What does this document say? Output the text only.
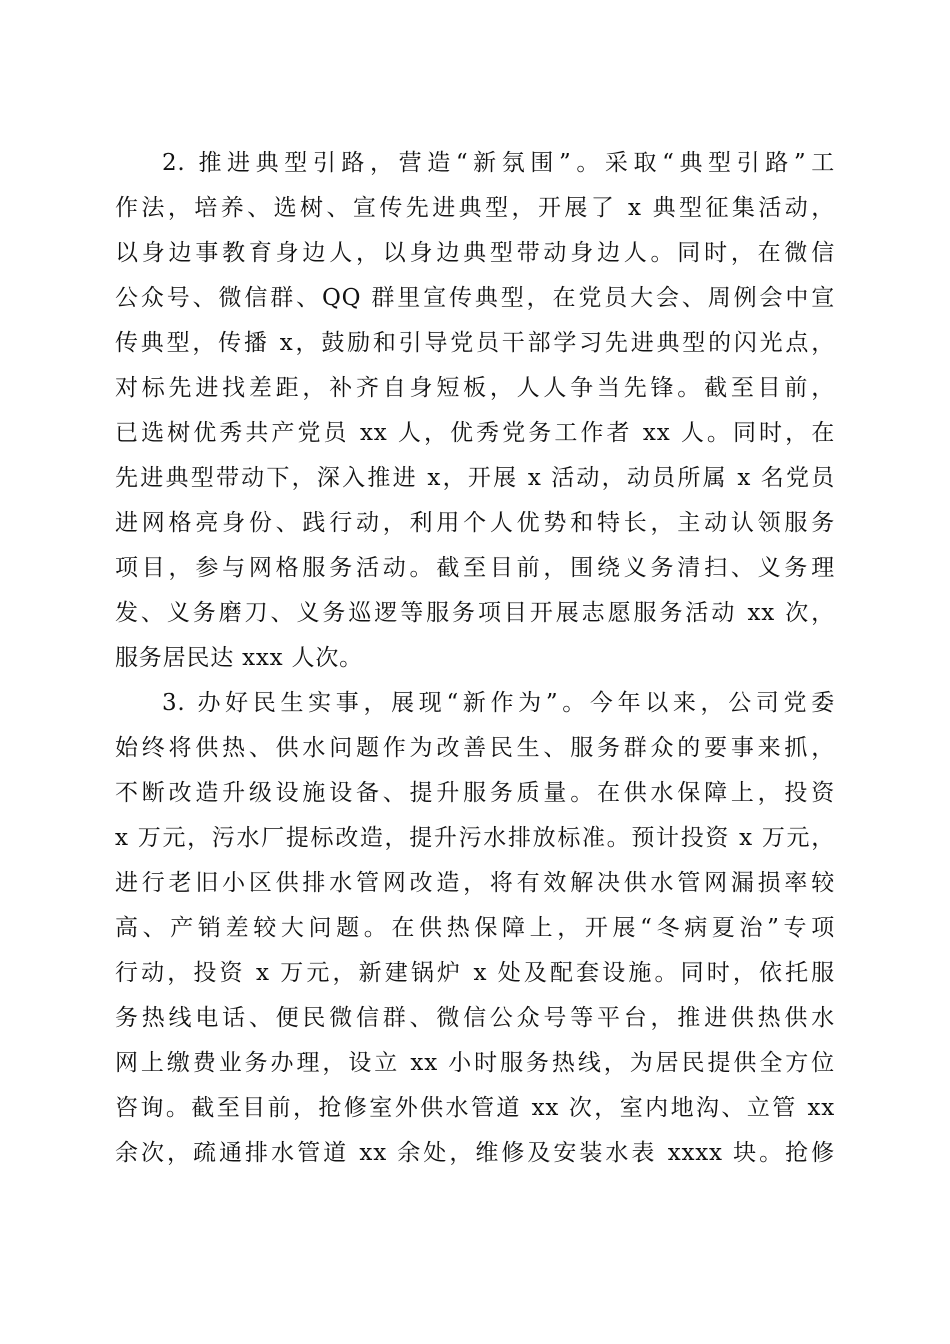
2. 推进典型引路，营造“新氛围”。采取“典型引路”工
作法，培养、选树、宣传先进典型，开展了 x 典型征集活动，
以身边事教育身边人，以身边典型带动身边人。同时，在微信
公众号、微信群、QQ 群里宣传典型，在党员大会、周例会中宣
传典型，传播 x，鼓励和引导党员干部学习先进典型的闪光点，
对标先进找差距，补齐自身短板，人人争当先锋。截至目前，
已选树优秀共产党员 xx 人，优秀党务工作者 xx 人。同时，在
先进典型带动下，深入推进 x，开展 x 活动，动员所属 x 名党员
进网格亮身份、践行动，利用个人优势和特长，主动认领服务
项目，参与网格服务活动。截至目前，围绕义务清扫、义务理
发、义务磨刀、义务巡逻等服务项目开展志愿服务活动 xx 次，
服务居民达 xxx 人次。
3. 办好民生实事，展现“新作为”。今年以来，公司党委
始终将供热、供水问题作为改善民生、服务群众的要事来抓，
不断改造升级设施设备、提升服务质量。在供水保障上，投资
x 万元，污水厂提标改造，提升污水排放标准。预计投资 x 万元，
进行老旧小区供排水管网改造，将有效解决供水管网漏损率较
高、产销差较大问题。在供热保障上，开展“冬病夏治”专项
行动，投资 x 万元，新建锅炉 x 处及配套设施。同时，依托服
务热线电话、便民微信群、微信公众号等平台，推进供热供水
网上缴费业务办理，设立 xx 小时服务热线，为居民提供全方位
咨询。截至目前，抢修室外供水管道 xx 次，室内地沟、立管 xx
余次，疏通排水管道 xx 余处，维修及安装水表 xxxx 块。抢修
